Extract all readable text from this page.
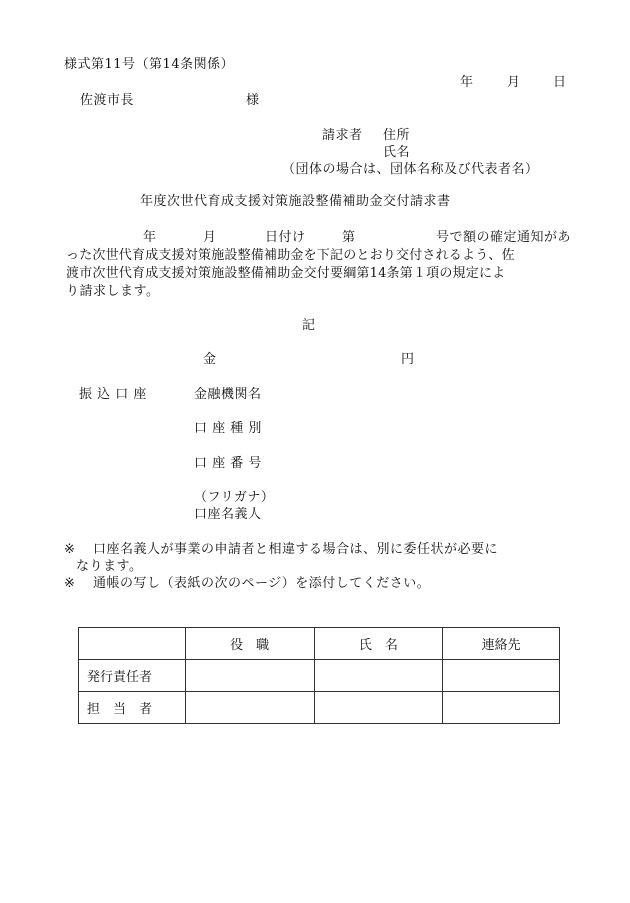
様式第11号（第14条関係）
年	月 日
佐渡市長	様
請求者 住所
氏名
（団体の場合は、団体名称及び代表者名）
年度次世代育成支援対策施設整備補助金交付請求書
年	月	日付け	第	号で額の確定通知があ
った次世代育成支援対策施設整備補助金を下記のとおり交付されるよう、佐
渡市次世代育成支援対策施設整備補助金交付要綱第14条第１項の規定によ
り請求します。
記
金	円
振 込 口 座	金融機関名
口 座 種 別
口 座 番 号
（フリガナ）
口座名義人
※ 口座名義人が事業の申請者と相違する場合は、別に委任状が必要に
なります。
※ 通帳の写し（表紙の次のページ）を添付してください。
	役　職	氏　名	連絡先
発行責任者			
担　当　者			
